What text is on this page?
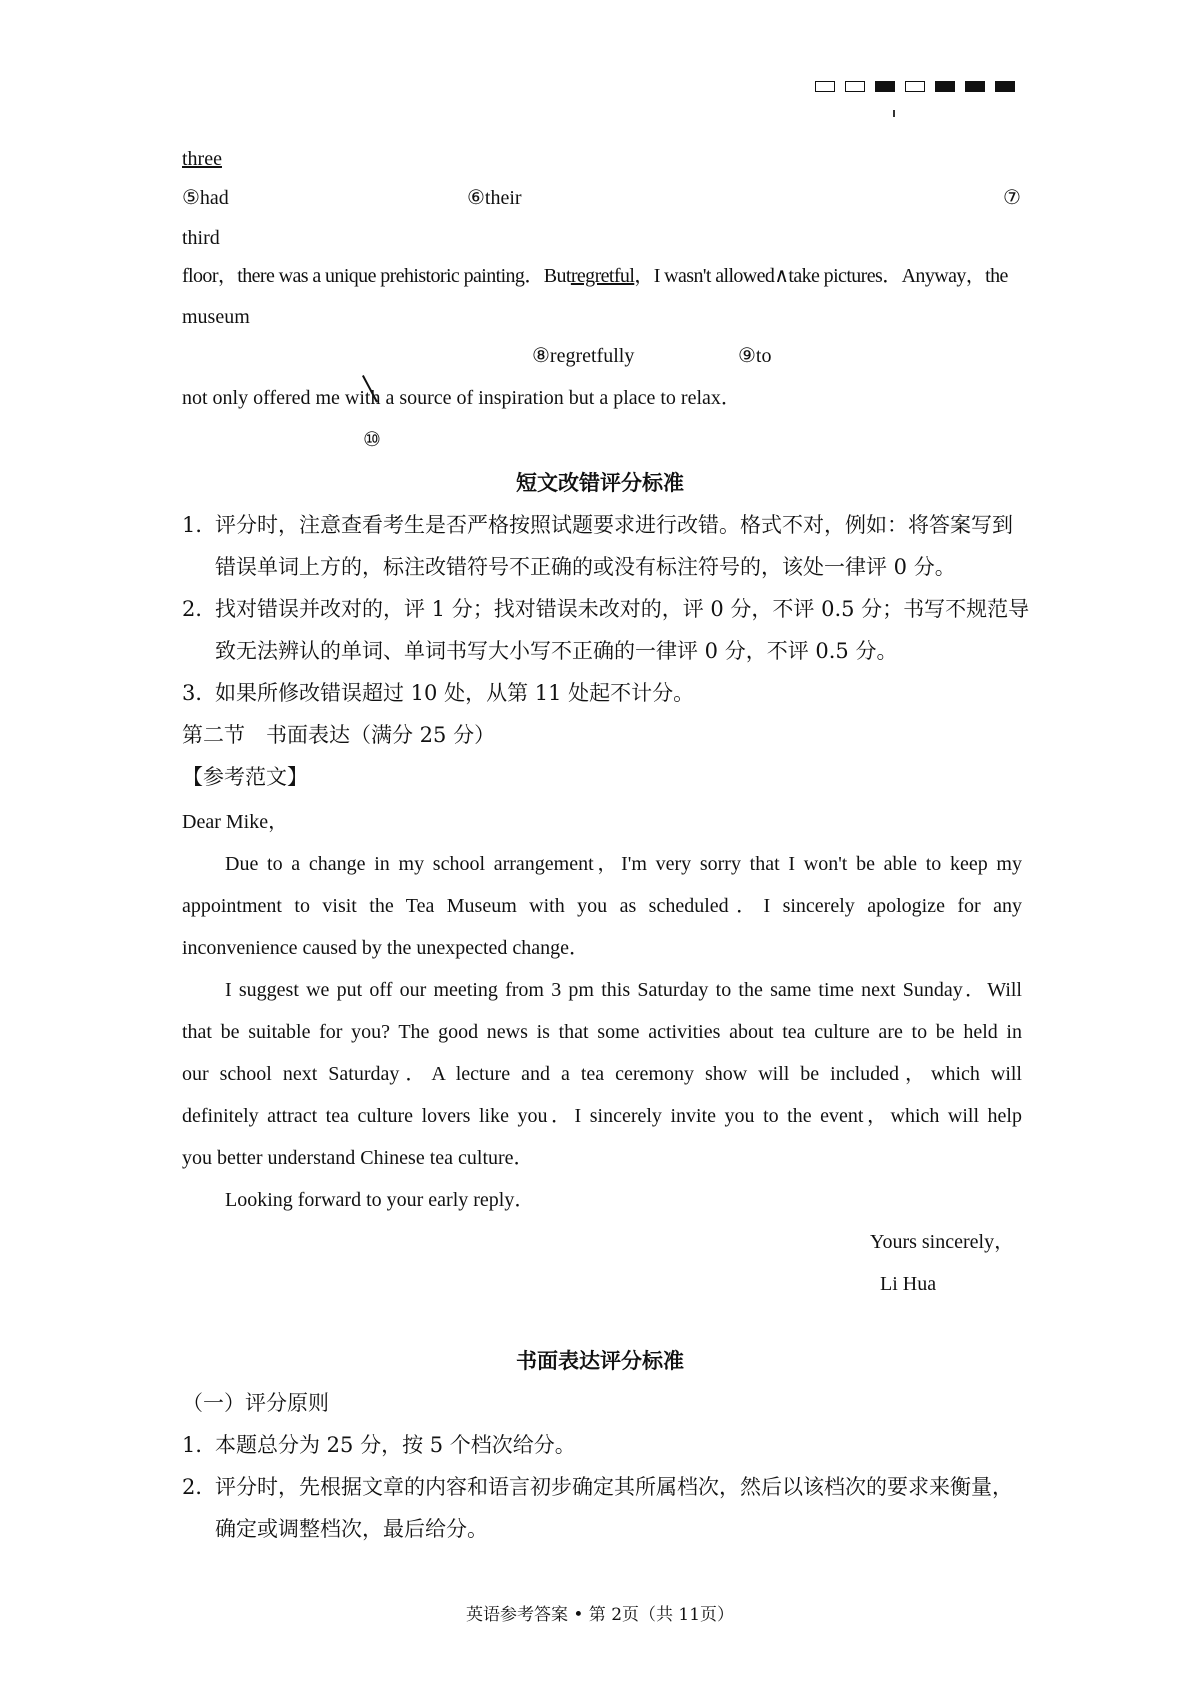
three
⑤had	⑥their	⑦
third
floor，there was a unique prehistoric painting．Butregretful，I wasn't allowed∧take pictures．Anyway，the
museum
⑧regretfully	⑨to
not only offered me with a source of inspiration but a place to relax．
⑩
短文改错评分标准
1．
评分时，注意查看考生是否严格按照试题要求进行改错。格式不对，例如：将答案写到
错误单词上方的，标注改错符号不正确的或没有标注符号的，该处一律评 0 分。
2．
找对错误并改对的，评 1 分；找对错误未改对的，评 0 分，不评 0.5 分；书写不规范导
致无法辨认的单词、单词书写大小写不正确的一律评 0 分，不评 0.5 分。
3．
如果所修改错误超过 10 处，从第 11 处起不计分。
第二节　书面表达（满分 25 分）
【参考范文】
Dear Mike，
Due to a change in my school arrangement，I'm very sorry that I won't be able to keep my
appointment to visit the Tea Museum with you as scheduled．I sincerely apologize for any
inconvenience caused by the unexpected change．
I suggest we put off our meeting from 3 pm this Saturday to the same time next Sunday．Will
that be suitable for you? The good news is that some activities about tea culture are to be held in
our school next Saturday．A lecture and a tea ceremony show will be included，which will
definitely attract tea culture lovers like you．I sincerely invite you to the event，which will help
you better understand Chinese tea culture．
Looking forward to your early reply．
Yours sincerely，
Li Hua
书面表达评分标准
（一）评分原则
1．
本题总分为 25 分，按 5 个档次给分。
2．
评分时，先根据文章的内容和语言初步确定其所属档次，然后以该档次的要求来衡量，
确定或调整档次，最后给分。
英语参考答案 • 第 2页（共 11页）
